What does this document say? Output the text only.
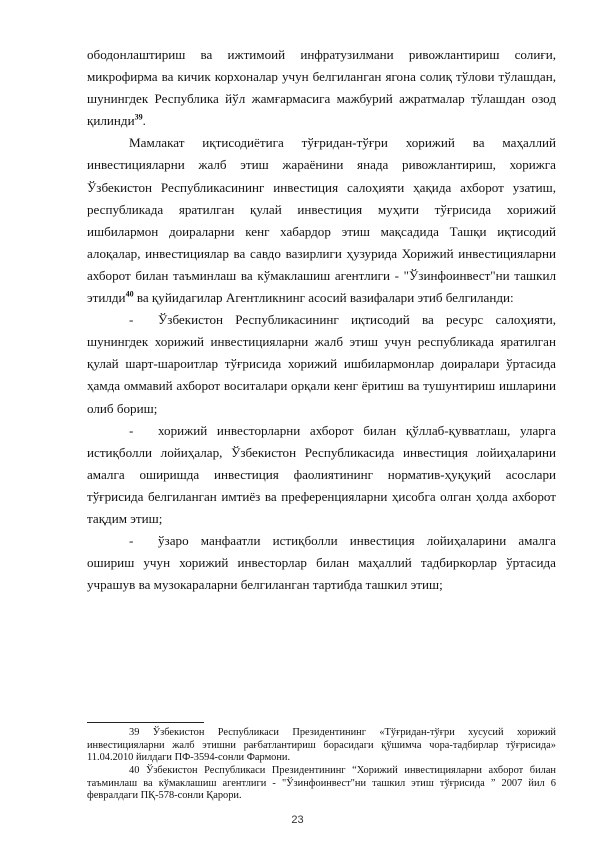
ободонлаштириш ва ижтимоий инфратузилмани ривожлантириш солиғи, микрофирма ва кичик корхоналар учун белгиланган ягона солиқ тўлови тўлашдан, шунингдек Республика йўл жамғармасига мажбурий ажратмалар тўлашдан озод қилинди$^{39}$.

Мамлакат иқтисодиётига тўғридан-тўғри хорижий ва маҳаллий инвестицияларни жалб этиш жараёнини янада ривожлантириш, хорижга Ўзбекистон Республикасининг инвестиция салоҳияти ҳақида ахборот узатиш, республикада яратилган қулай инвестиция муҳити тўғрисида хорижий ишбилармон доираларни кенг хабардор этиш мақсадида Ташқи иқтисодий алоқалар, инвестициялар ва савдо вазирлиги ҳузурида Хорижий инвестицияларни ахборот билан таъминлаш ва кўмаклашиш агентлиги - "Ўзинфоинвест"ни ташкил этилди$^{40}$ ва қуйидагилар Агентликнинг асосий вазифалари этиб белгиланди:

-	Ўзбекистон Республикасининг иқтисодий ва ресурс салоҳияти, шунингдек хорижий инвестицияларни жалб этиш учун республикада яратилган қулай шарт-шароитлар тўғрисида хорижий ишбилармонлар доиралари ўртасида ҳамда оммавий ахборот воситалари орқали кенг ёритиш ва тушунтириш ишларини олиб бориш;

-	хорижий инвесторларни ахборот билан қўллаб-қувватлаш, уларга истиқболли лойиҳалар, Ўзбекистон Республикасида инвестиция лойиҳаларини амалга оширишда инвестиция фаолиятининг норматив-ҳуқуқий асослари тўғрисида белгиланган имтиёз ва преференцияларни ҳисобга олган ҳолда ахборот тақдим этиш;

-	ўзаро манфаатли истиқболли инвестиция лойиҳаларини амалга ошириш учун хорижий инвесторлар билан маҳаллий тадбиркорлар ўртасида учрашув ва музокараларни белгиланган тартибда ташкил этиш;

39 Ўзбекистон Республикаси Президентининг «Тўғридан-тўғри хусусий хорижий инвестицияларни жалб этишни рағбатлантириш борасидаги қўшимча чора-тадбирлар тўғрисида» 11.04.2010 йилдаги ПФ-3594-сонли Фармони.

40 Ўзбекистон Республикаси Президентининг “Хорижий инвестицияларни ахборот билан таъминлаш ва кўмаклашиш агентлиги - "Ўзинфоинвест"ни ташкил этиш тўғрисида ” 2007 йил 6 февралдаги ПҚ-578-сонли Қарори.

23
